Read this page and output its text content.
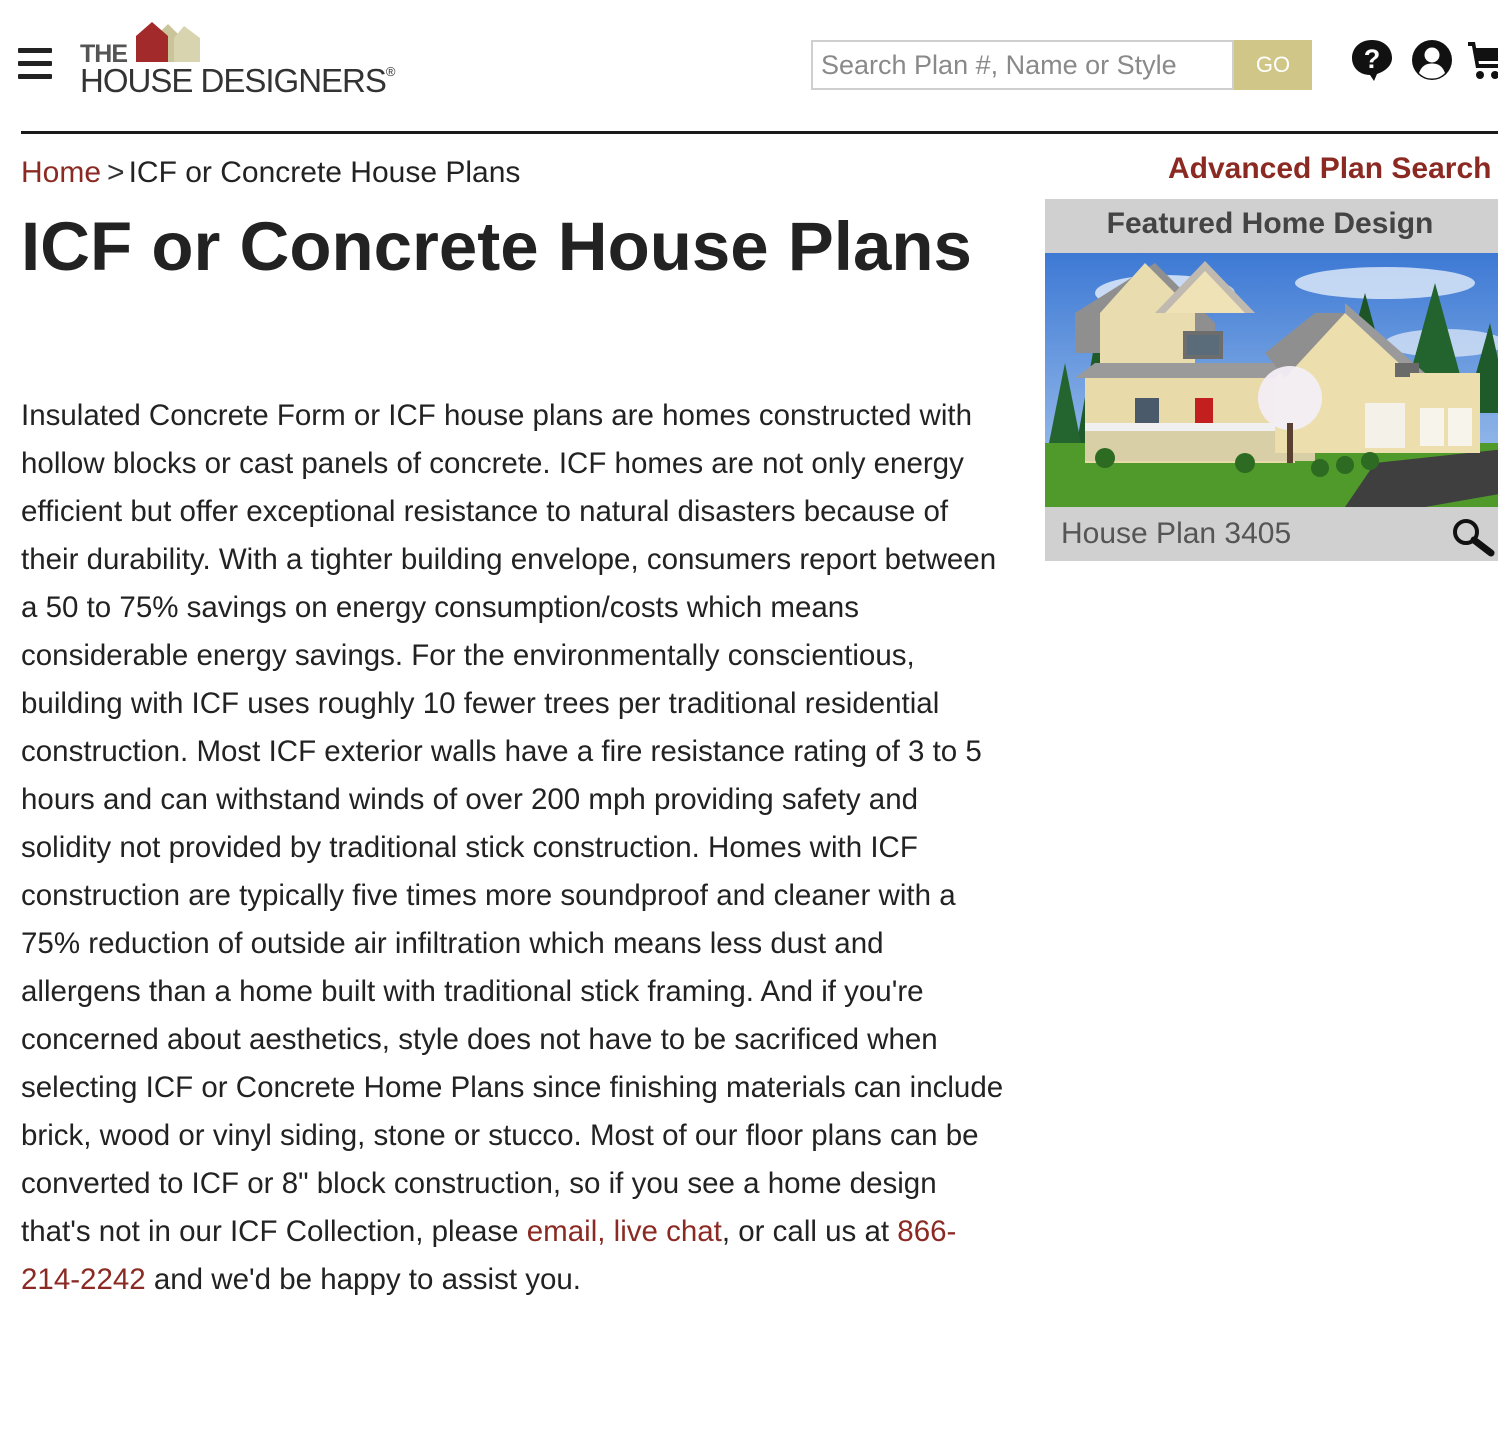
THE
HOUSE DESIGNERS®
Search Plan #, Name or Style	GO	?
Home > ICF or Concrete House Plans
ICF or Concrete House Plans

Insulated Concrete Form or ICF house plans are homes constructed with hollow blocks or cast panels of concrete. ICF homes are not only energy efficient but offer exceptional resistance to natural disasters because of their durability. With a tighter building envelope, consumers report between a 50 to 75% savings on energy consumption/costs which means considerable energy savings. For the environmentally conscientious, building with ICF uses roughly 10 fewer trees per traditional residential construction. Most ICF exterior walls have a fire resistance rating of 3 to 5 hours and can withstand winds of over 200 mph providing safety and solidity not provided by traditional stick construction. Homes with ICF construction are typically five times more soundproof and cleaner with a 75% reduction of outside air infiltration which means less dust and allergens than a home built with traditional stick framing. And if you're concerned about aesthetics, style does not have to be sacrificed when selecting ICF or Concrete Home Plans since finishing materials can include brick, wood or vinyl siding, stone or stucco. Most of our floor plans can be converted to ICF or 8" block construction, so if you see a home design that's not in our ICF Collection, please email, live chat, or call us at 866-214-2242 and we'd be happy to assist you.

Advanced Plan Search
Featured Home Design
House Plan 3405
